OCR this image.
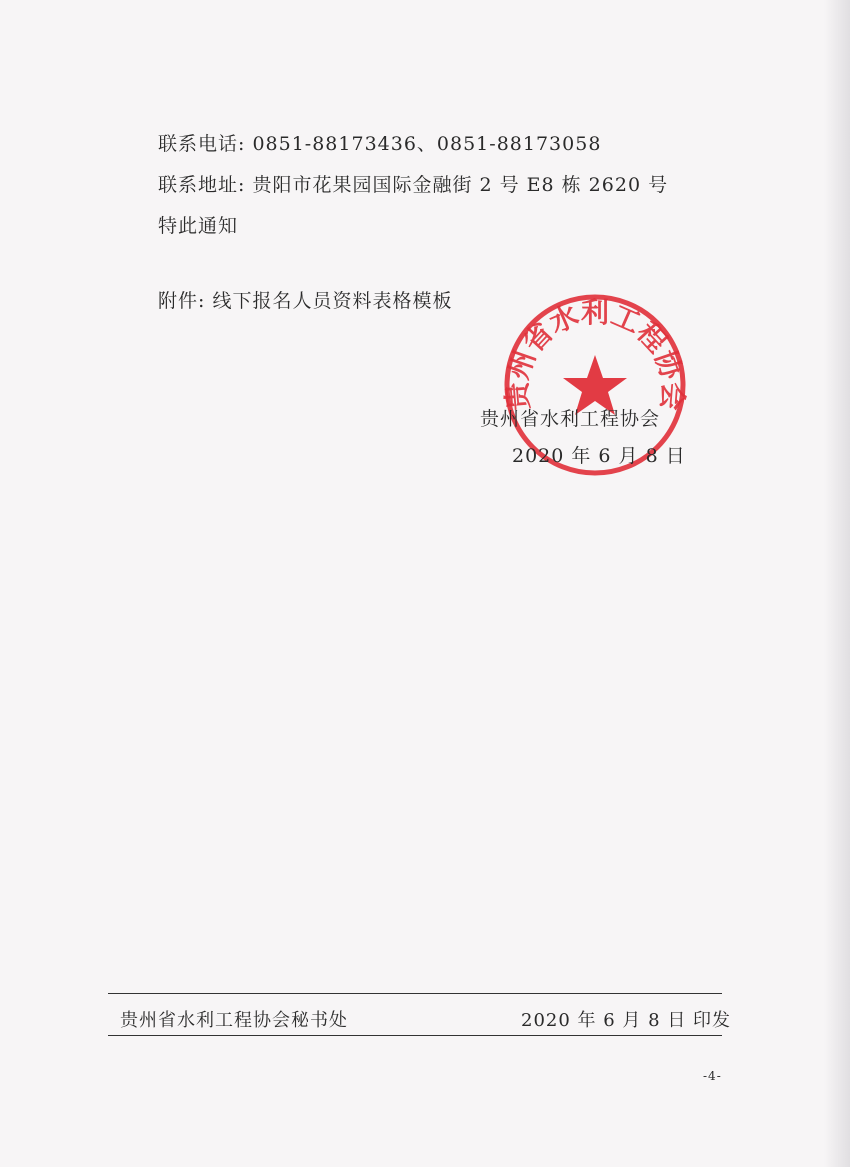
联系电话: 0851-88173436、0851-88173058
联系地址: 贵阳市花果园国际金融街 2 号 E8 栋 2620 号
特此通知
附件: 线下报名人员资料表格模板
贵州省水利工程协会
贵州省水利工程协会
2020 年 6 月 8 日
贵州省水利工程协会秘书处	2020 年 6 月 8 日 印发
-4-
